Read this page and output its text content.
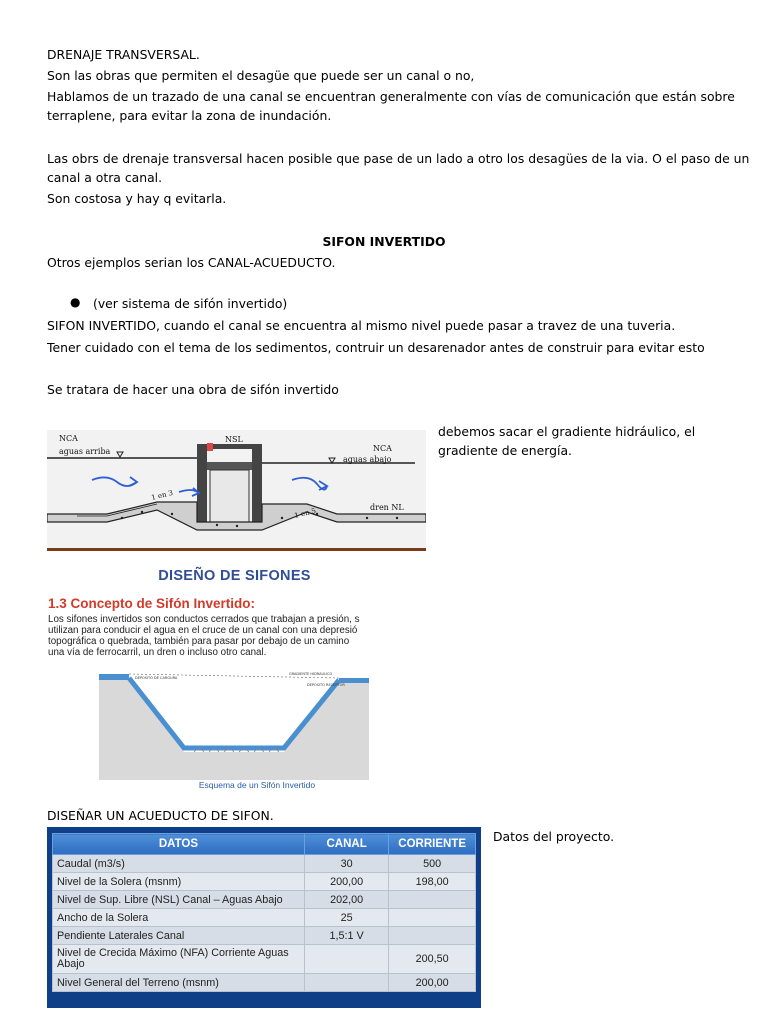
DRENAJE TRANSVERSAL.
Son las obras que permiten el desagüe que puede ser un canal o no,
Hablamos de un trazado de una canal se encuentran generalmente con vías de comunicación que están sobre
terraplene, para evitar la zona de inundación.
Las obrs de drenaje transversal hacen posible que pase de un lado a otro los desagües de la via. O el paso de un
canal a otra canal.
Son costosa y hay q evitarla.
SIFON INVERTIDO
Otros ejemplos serian los CANAL-ACUEDUCTO.
● (ver sistema de sifón invertido)
SIFON INVERTIDO, cuando el canal se encuentra al mismo nivel puede pasar a travez de una tuveria.
Tener cuidado con el tema de los sedimentos, contruir un desarenador antes de construir para evitar esto
Se tratara de hacer una obra de sifón invertido
debemos sacar el gradiente hidráulico, el
gradiente de energía.
NCA
aguas arriba
NSL
NCA
aguas abajo
1 en 3
1 en 5	dren NL
DISEÑO DE SIFONES
1.3 Concepto de Sifón Invertido:
Los sifones invertidos son conductos cerrados que trabajan a presión, s
utilizan para conducir el agua en el cruce de un canal con una depresió
topográfica o quebrada, también para pasar por debajo de un camino
una vía de ferrocarril, un dren o incluso otro canal.
DEPOSITO DE CARGURA
GRADIENTE HIDRAULICO
DEPOSITO RECEPTOR
Esquema de un Sifón Invertido
DISEÑAR UN ACUEDUCTO DE SIFON.
Datos del proyecto.
DATOS	CANAL	CORRIENTE
Caudal (m3/s)	30	500
Nivel de la Solera (msnm)	200,00	198,00
Nivel de Sup. Libre (NSL) Canal – Aguas Abajo	202,00	
Ancho de la Solera	25	
Pendiente Laterales Canal	1,5:1 V	
Nivel de Crecida Máximo (NFA) Corriente Aguas Abajo		200,50
Nivel General del Terreno (msnm)		200,00
